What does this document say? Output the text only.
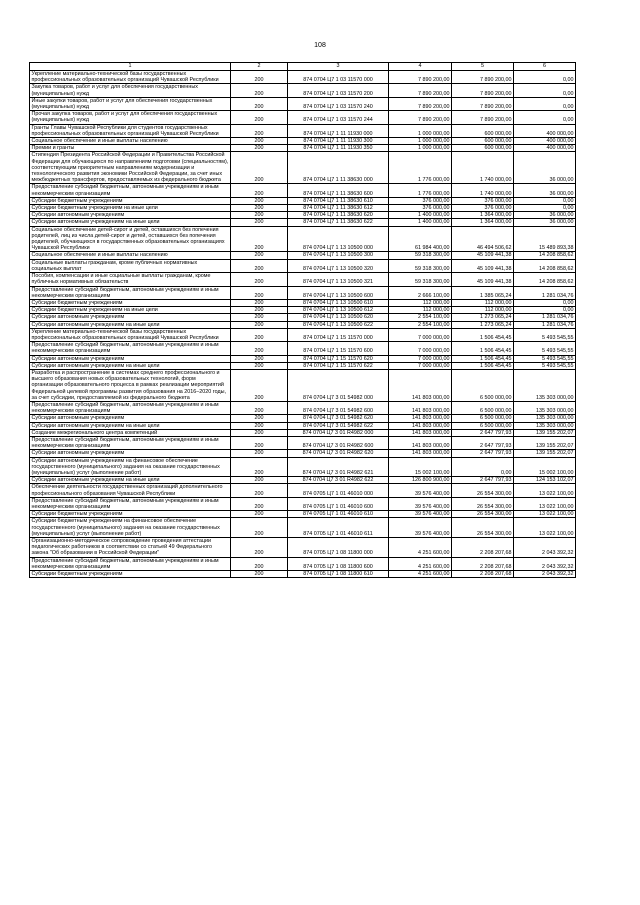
108
1	2	3	4	5	6
Укрепление материально-технической базы государственных профессиональных образовательных организаций Чувашской Республики	200	874 0704 Ц7 1 03 11570 000	7 890 200,00	7 890 200,00	0,00
Закупка товаров, работ и услуг для обеспечения государственных (муниципальных) нужд	200	874 0704 Ц7 1 03 11570 200	7 890 200,00	7 890 200,00	0,00
Иные закупки товаров, работ и услуг для обеспечения государственных (муниципальных) нужд	200	874 0704 Ц7 1 03 11570 240	7 890 200,00	7 890 200,00	0,00
Прочая закупка товаров, работ и услуг для обеспечения государственных (муниципальных) нужд	200	874 0704 Ц7 1 03 11570 244	7 890 200,00	7 890 200,00	0,00
Гранты Главы Чувашской Республики для студентов государственных профессиональных образовательных организаций Чувашской Республики	200	874 0704 Ц7 1 11 11930 000	1 000 000,00	600 000,00	400 000,00
Социальное обеспечение и иные выплаты населению	200	874 0704 Ц7 1 11 11930 300	1 000 000,00	600 000,00	400 000,00
Премии и гранты	200	874 0704 Ц7 1 11 11930 350	1 000 000,00	600 000,00	400 000,00
Стипендия Президента Российской Федерации и Правительства Российской Федерации для обучающихся по направлениям подготовки (специальностям), соответствующим приоритетным направлениям модернизации и технологического развития экономики Российской Федерации, за счет иных межбюджетных трансфертов, предоставляемых из федерального бюджета	200	874 0704 Ц7 1 11 38630 000	1 776 000,00	1 740 000,00	36 000,00
Предоставление субсидий бюджетным, автономным учреждениям и иным некоммерческим организациям	200	874 0704 Ц7 1 11 38630 600	1 776 000,00	1 740 000,00	36 000,00
Субсидии бюджетным учреждениям	200	874 0704 Ц7 1 11 38630 610	376 000,00	376 000,00	0,00
Субсидии бюджетным учреждениям на иные цели	200	874 0704 Ц7 1 11 38630 612	376 000,00	376 000,00	0,00
Субсидии автономным учреждениям	200	874 0704 Ц7 1 11 38630 620	1 400 000,00	1 364 000,00	36 000,00
Субсидии автономным учреждениям на иные цели	200	874 0704 Ц7 1 11 38630 622	1 400 000,00	1 364 000,00	36 000,00
Социальное обеспечение детей-сирот и детей, оставшихся без попечения родителей, лиц из числа детей-сирот и детей, оставшихся без попечения родителей, обучающихся в государственных образовательных организациях Чувашской Республики	200	874 0704 Ц7 1 13 10500 000	61 984 400,00	46 494 506,62	15 489 893,38
Социальное обеспечение и иные выплаты населению	200	874 0704 Ц7 1 13 10500 300	59 318 300,00	45 109 441,38	14 208 858,62
Социальные выплаты гражданам, кроме публичных нормативных социальных выплат	200	874 0704 Ц7 1 13 10500 320	59 318 300,00	45 109 441,38	14 208 858,62
Пособия, компенсации и иные социальные выплаты гражданам, кроме публичных нормативных обязательств	200	874 0704 Ц7 1 13 10500 321	59 318 300,00	45 109 441,38	14 208 858,62
Предоставление субсидий бюджетным, автономным учреждениям и иным некоммерческим организациям	200	874 0704 Ц7 1 13 10500 600	2 666 100,00	1 385 065,24	1 281 034,76
Субсидии бюджетным учреждениям	200	874 0704 Ц7 1 13 10500 610	112 000,00	112 000,00	0,00
Субсидии бюджетным учреждениям на иные цели	200	874 0704 Ц7 1 13 10500 612	112 000,00	112 000,00	0,00
Субсидии автономным учреждениям	200	874 0704 Ц7 1 13 10500 620	2 554 100,00	1 273 065,24	1 281 034,76
Субсидии автономным учреждениям на иные цели	200	874 0704 Ц7 1 13 10500 622	2 554 100,00	1 273 065,24	1 281 034,76
Укрепление материально-технической базы государственных профессиональных образовательных организаций Чувашской Республики	200	874 0704 Ц7 1 15 11570 000	7 000 000,00	1 506 454,45	5 493 545,55
Предоставление субсидий бюджетным, автономным учреждениям и иным некоммерческим организациям	200	874 0704 Ц7 1 15 11570 600	7 000 000,00	1 506 454,45	5 493 545,55
Субсидии автономным учреждениям	200	874 0704 Ц7 1 15 11570 620	7 000 000,00	1 506 454,45	5 493 545,55
Субсидии автономным учреждениям на иные цели	200	874 0704 Ц7 1 15 11570 622	7 000 000,00	1 506 454,45	5 493 545,55
Разработка и распространение в системах среднего профессионального и высшего образования новых образовательных технологий, форм организации образовательного процесса в рамках реализации мероприятий Федеральной целевой программы развития образования на 2016–2020 годы, за счет субсидии, предоставляемой из федерального бюджета	200	874 0704 Ц7 3 01 54982 000	141 803 000,00	6 500 000,00	135 303 000,00
Предоставление субсидий бюджетным, автономным учреждениям и иным некоммерческим организациям	200	874 0704 Ц7 3 01 54982 600	141 803 000,00	6 500 000,00	135 303 000,00
Субсидии автономным учреждениям	200	874 0704 Ц7 3 01 54982 620	141 803 000,00	6 500 000,00	135 303 000,00
Субсидии автономным учреждениям на иные цели	200	874 0704 Ц7 3 01 54982 622	141 803 000,00	6 500 000,00	135 303 000,00
Создание межрегионального центра компетенций	200	874 0704 Ц7 3 01 R4982 000	141 803 000,00	2 647 797,93	139 155 202,07
Предоставление субсидий бюджетным, автономным учреждениям и иным некоммерческим организациям	200	874 0704 Ц7 3 01 R4982 600	141 803 000,00	2 647 797,93	139 155 202,07
Субсидии автономным учреждениям	200	874 0704 Ц7 3 01 R4982 620	141 803 000,00	2 647 797,93	139 155 202,07
Субсидии автономным учреждениям на финансовое обеспечение государственного (муниципального) задания на оказание государственных (муниципальных) услуг (выполнение работ)	200	874 0704 Ц7 3 01 R4982 621	15 002 100,00	0,00	15 002 100,00
Субсидии автономным учреждениям на иные цели	200	874 0704 Ц7 3 01 R4982 622	126 800 900,00	2 647 797,93	124 153 102,07
Обеспечение деятельности государственных организаций дополнительного профессионального образования Чувашской Республики	200	874 0705 Ц7 1 01 46010 000	39 576 400,00	26 554 300,00	13 022 100,00
Предоставление субсидий бюджетным, автономным учреждениям и иным некоммерческим организациям	200	874 0705 Ц7 1 01 46010 600	39 576 400,00	26 554 300,00	13 022 100,00
Субсидии бюджетным учреждениям	200	874 0705 Ц7 1 01 46010 610	39 576 400,00	26 554 300,00	13 022 100,00
Субсидии бюджетным учреждениям на финансовое обеспечение государственного (муниципального) задания на оказание государственных (муниципальных) услуг (выполнение работ)	200	874 0705 Ц7 1 01 46010 611	39 576 400,00	26 554 300,00	13 022 100,00
Организационно-методическое сопровождение проведения аттестации педагогических работников в соответствии со статьей 49 Федерального закона "Об образовании в Российской Федерации"	200	874 0705 Ц7 1 08 11800 000	4 251 600,00	2 208 207,68	2 043 392,32
Предоставление субсидий бюджетным, автономным учреждениям и иным некоммерческим организациям	200	874 0705 Ц7 1 08 11800 600	4 251 600,00	2 208 207,68	2 043 392,32
Субсидии бюджетным учреждениям	200	874 0705 Ц7 1 08 11800 610	4 251 600,00	2 208 207,68	2 043 392,32
